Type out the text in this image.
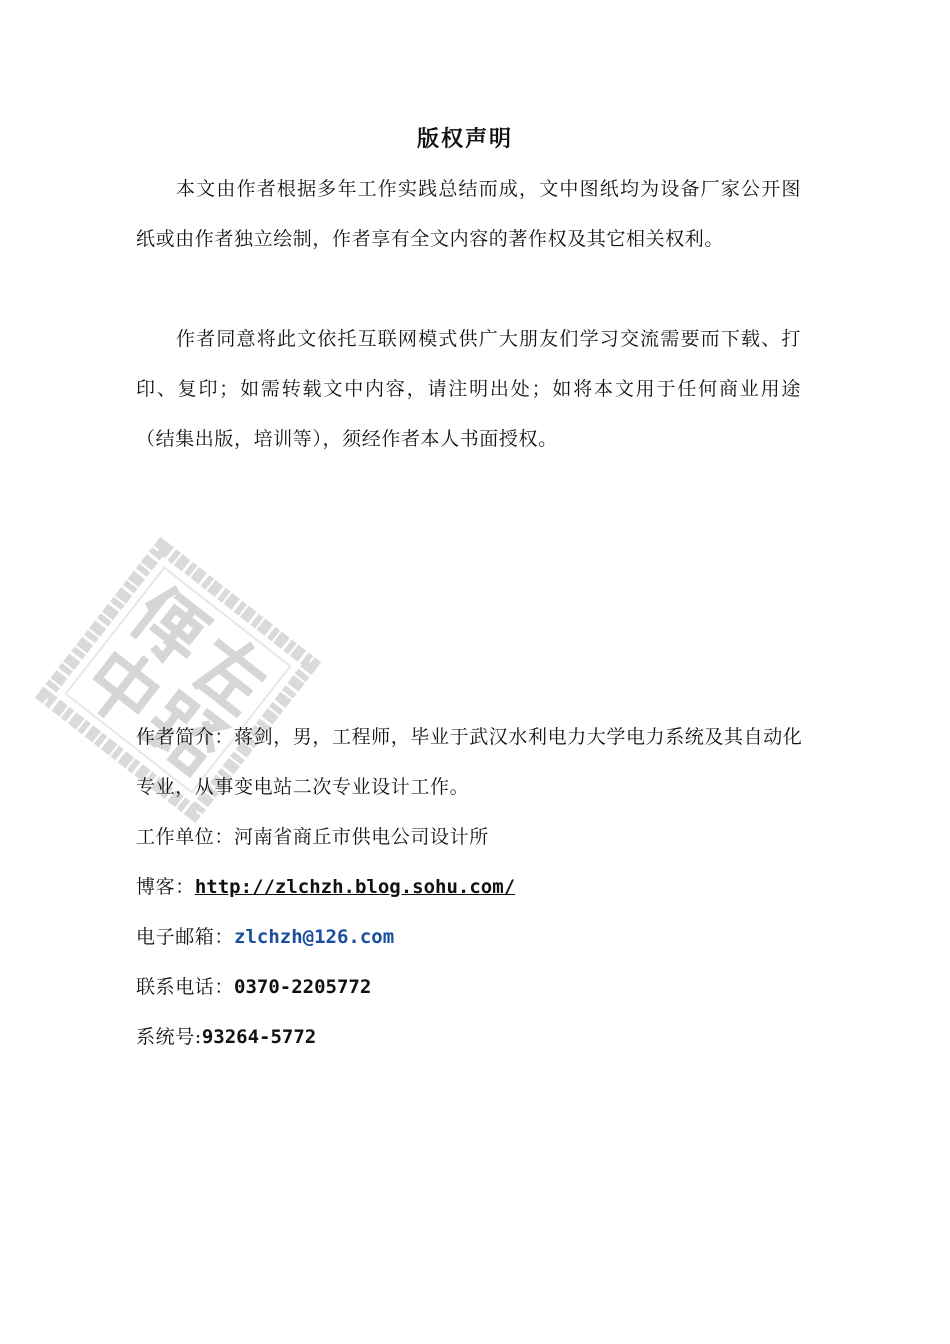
版权声明

本文由作者根据多年工作实践总结而成，文中图纸均为设备厂家公开图纸或由作者独立绘制，作者享有全文内容的著作权及其它相关权利。

作者同意将此文依托互联网模式供广大朋友们学习交流需要而下载、打印、复印；如需转载文中内容，请注明出处；如将本文用于任何商业用途（结集出版，培训等），须经作者本人书面授权。

作者简介：蒋剑，男，工程师，毕业于武汉水利电力大学电力系统及其自动化专业，从事变电站二次专业设计工作。

工作单位：河南省商丘市供电公司设计所
博客：http://zlchzh.blog.sohu.com/
电子邮箱：zlchzh@126.com
联系电话：0370-2205772
系统号:93264-5772
